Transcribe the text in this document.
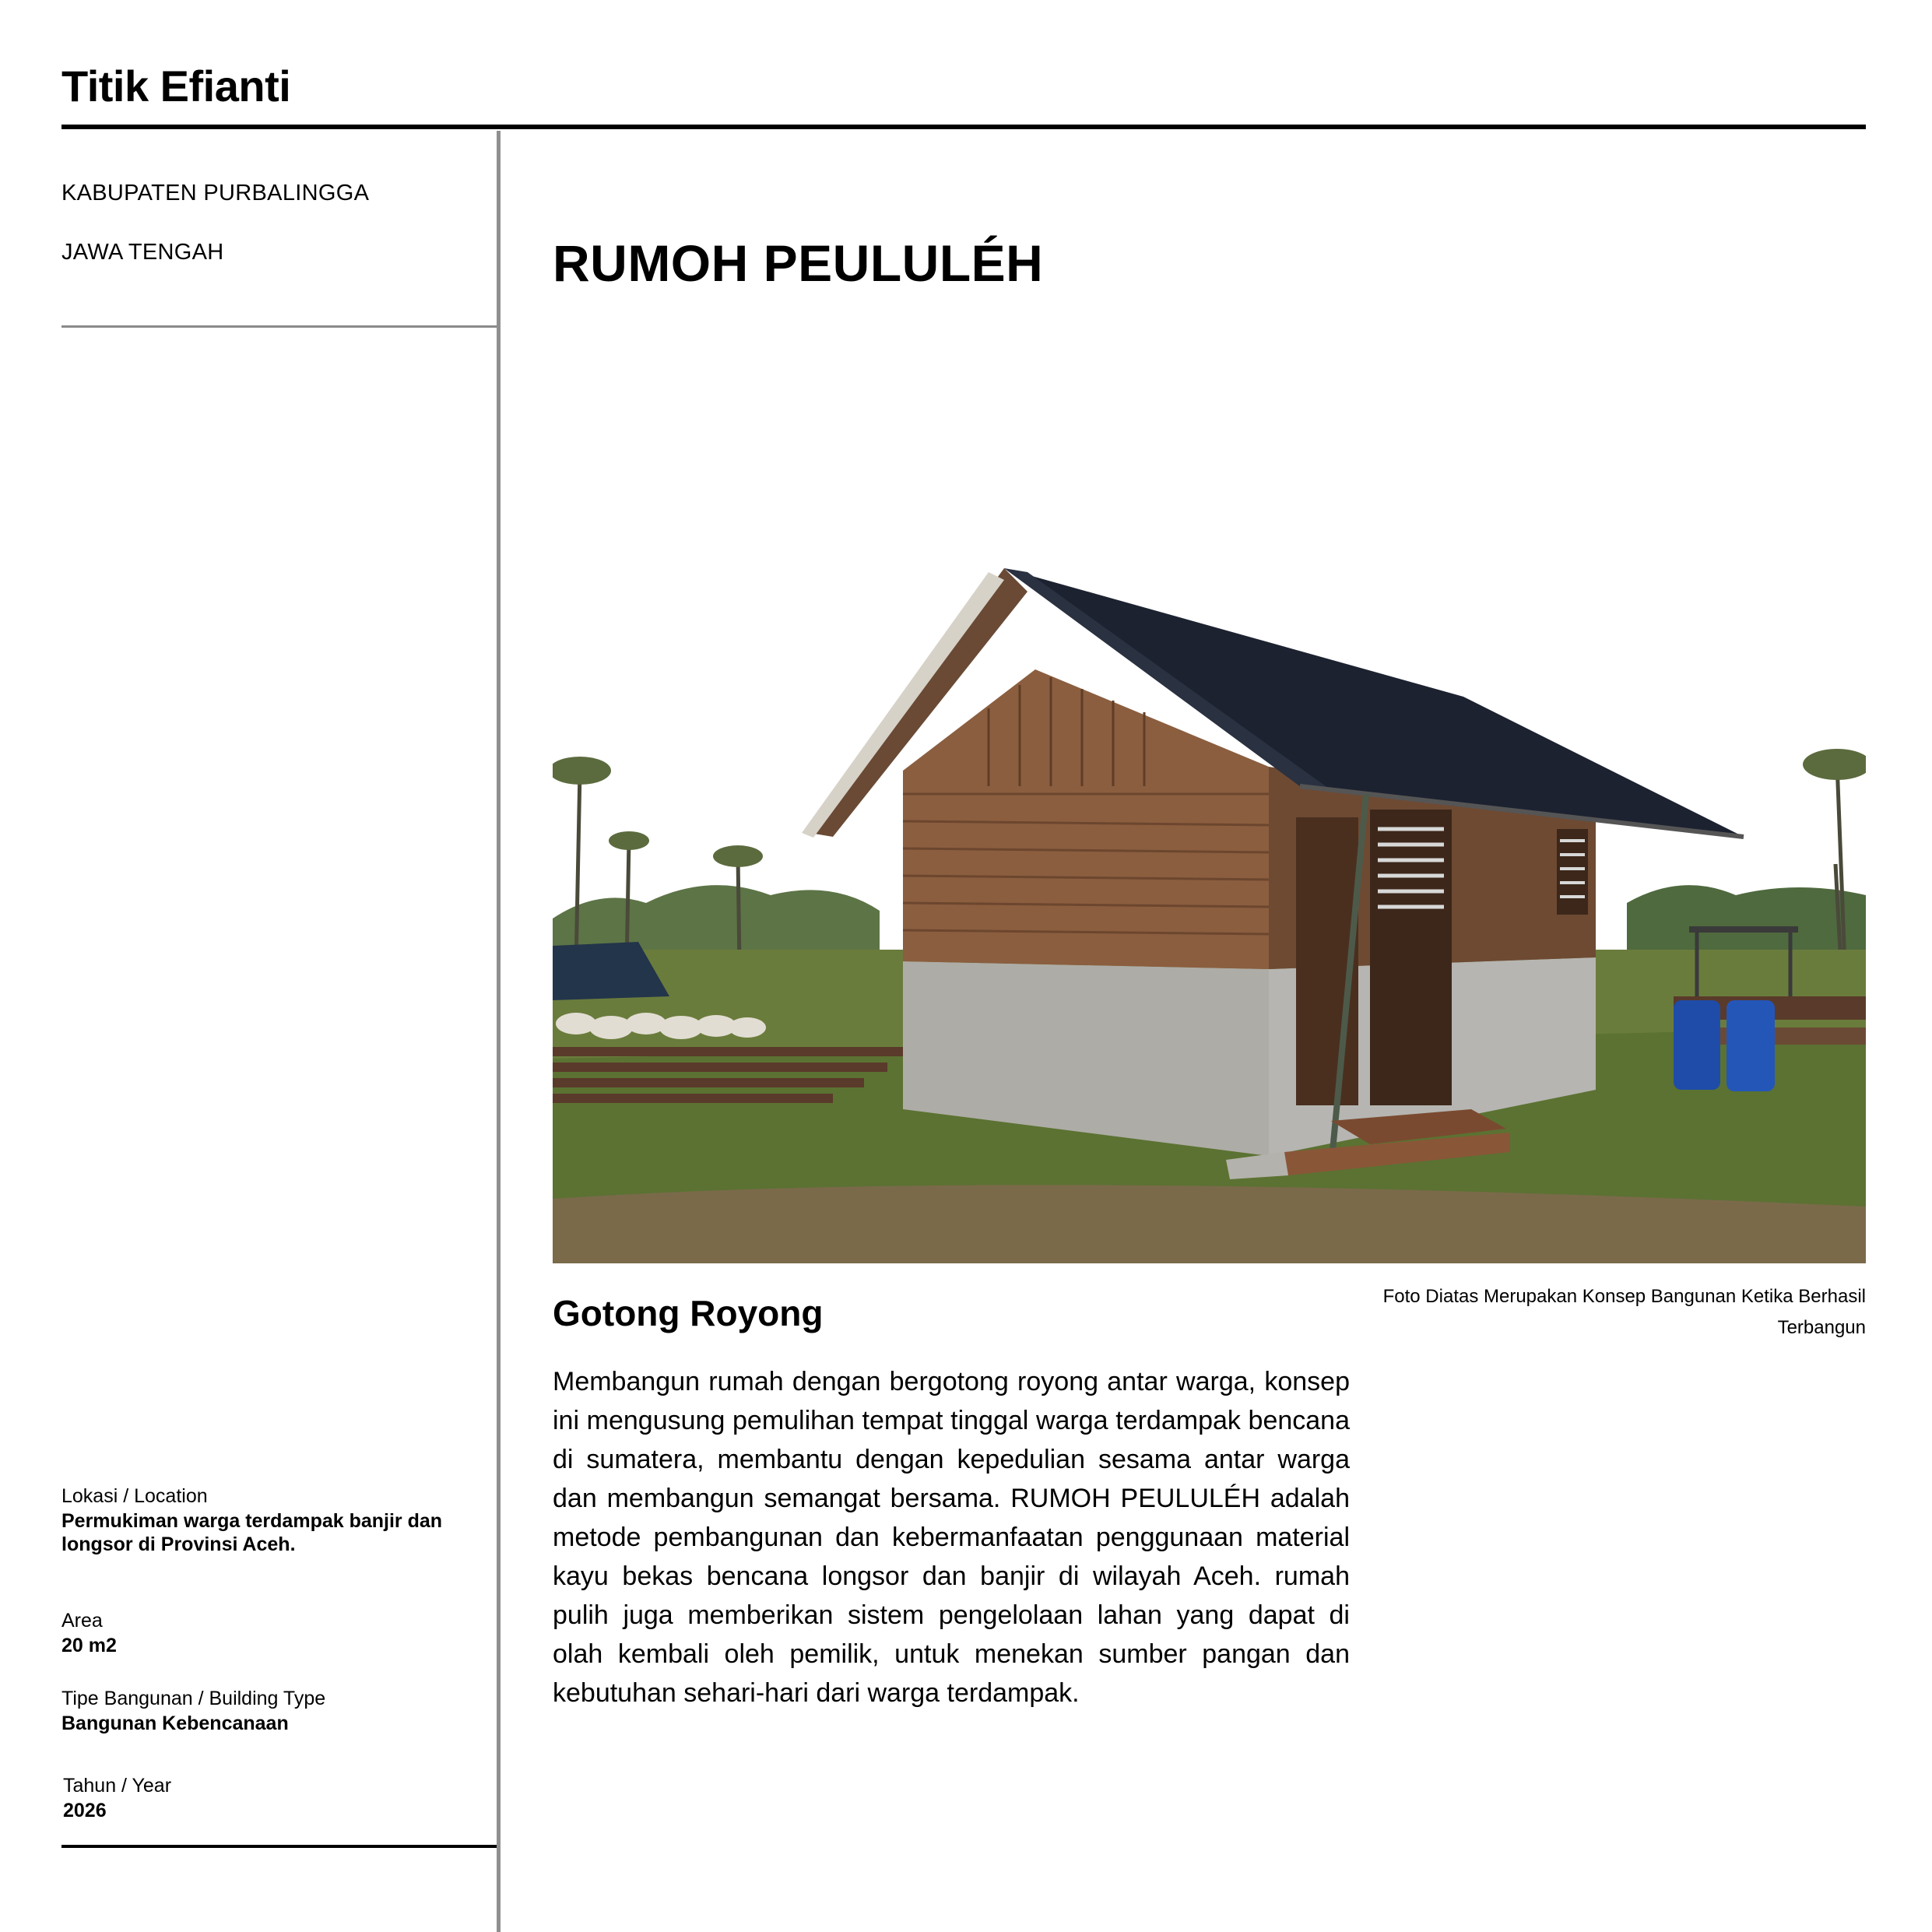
Titik Efianti
KABUPATEN PURBALINGGA
JAWA TENGAH
Lokasi / Location
Permukiman warga terdampak banjir dan longsor di Provinsi Aceh.
Area
20 m2
Tipe Bangunan / Building Type
Bangunan Kebencanaan
Tahun / Year
2026
RUMOH PEULULÉH
Foto Diatas Merupakan Konsep Bangunan Ketika Berhasil Terbangun
Gotong Royong
Membangun rumah dengan bergotong royong antar warga, konsep ini mengusung pemulihan tempat tinggal warga terdampak bencana di sumatera, membantu dengan kepedulian sesama antar warga dan membangun semangat bersama. RUMOH PEULULÉH adalah metode pembangunan dan kebermanfaatan penggunaan material kayu bekas bencana longsor dan banjir di wilayah Aceh. rumah pulih juga memberikan sistem pengelolaan lahan yang dapat di olah kembali oleh pemilik, untuk menekan sumber pangan dan kebutuhan sehari-hari dari warga terdampak.
